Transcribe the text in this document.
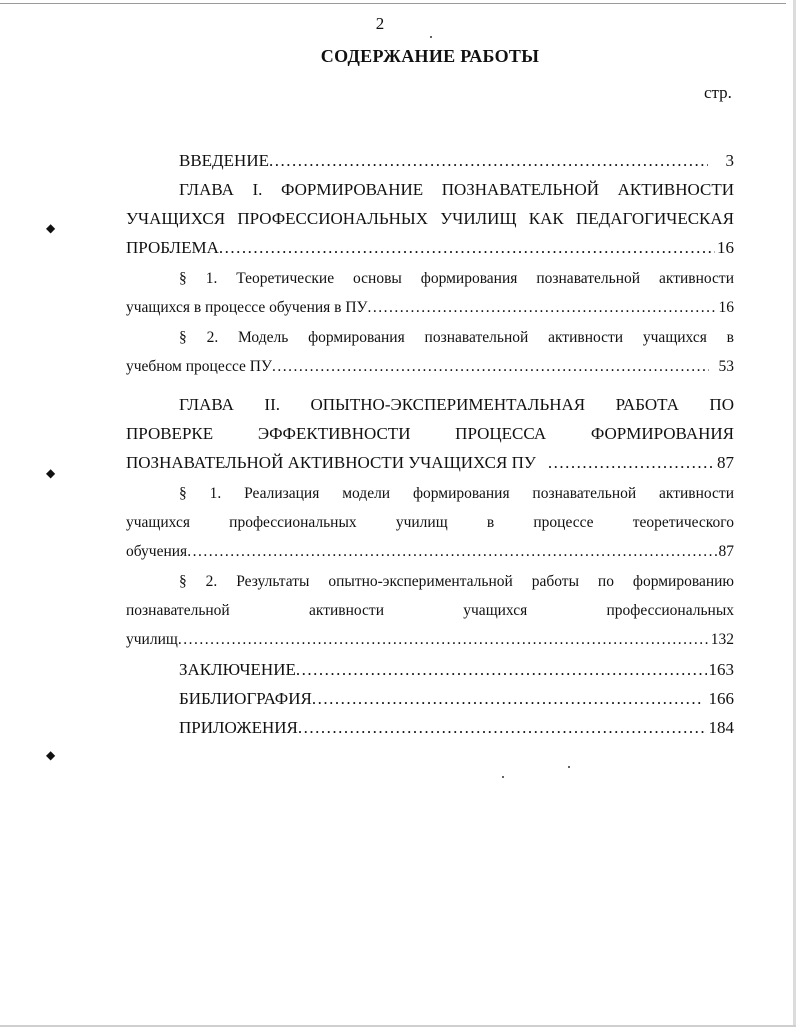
2
СОДЕРЖАНИЕ РАБОТЫ
стр.
ВВЕДЕНИЕ .....	3
ГЛАВА I. ФОРМИРОВАНИЕ ПОЗНАВАТЕЛЬНОЙ АКТИВНОСТИ
УЧАЩИХСЯ ПРОФЕССИОНАЛЬНЫХ УЧИЛИЩ КАК ПЕДАГОГИЧЕСКАЯ
ПРОБЛЕМА .....	16
§ 1. Теоретические основы формирования познавательной активности
учащихся в процессе обучения в ПУ .....	16
§ 2. Модель формирования познавательной активности учащихся в
учебном процессе ПУ .....	53
ГЛАВА II. ОПЫТНО-ЭКСПЕРИМЕНТАЛЬНАЯ РАБОТА ПО
ПРОВЕРКЕ ЭФФЕКТИВНОСТИ ПРОЦЕССА ФОРМИРОВАНИЯ
ПОЗНАВАТЕЛЬНОЙ АКТИВНОСТИ УЧАЩИХСЯ ПУ .....	87
§ 1. Реализация модели формирования познавательной активности
учащихся профессиональных училищ в процессе теоретического
обучения .....	87
§ 2. Результаты опытно-экспериментальной работы по формированию
познавательной активности учащихся профессиональных
училищ .....	132
ЗАКЛЮЧЕНИЕ .....	163
БИБЛИОГРАФИЯ .....	166
ПРИЛОЖЕНИЯ .....	184
◆
◆
◆
